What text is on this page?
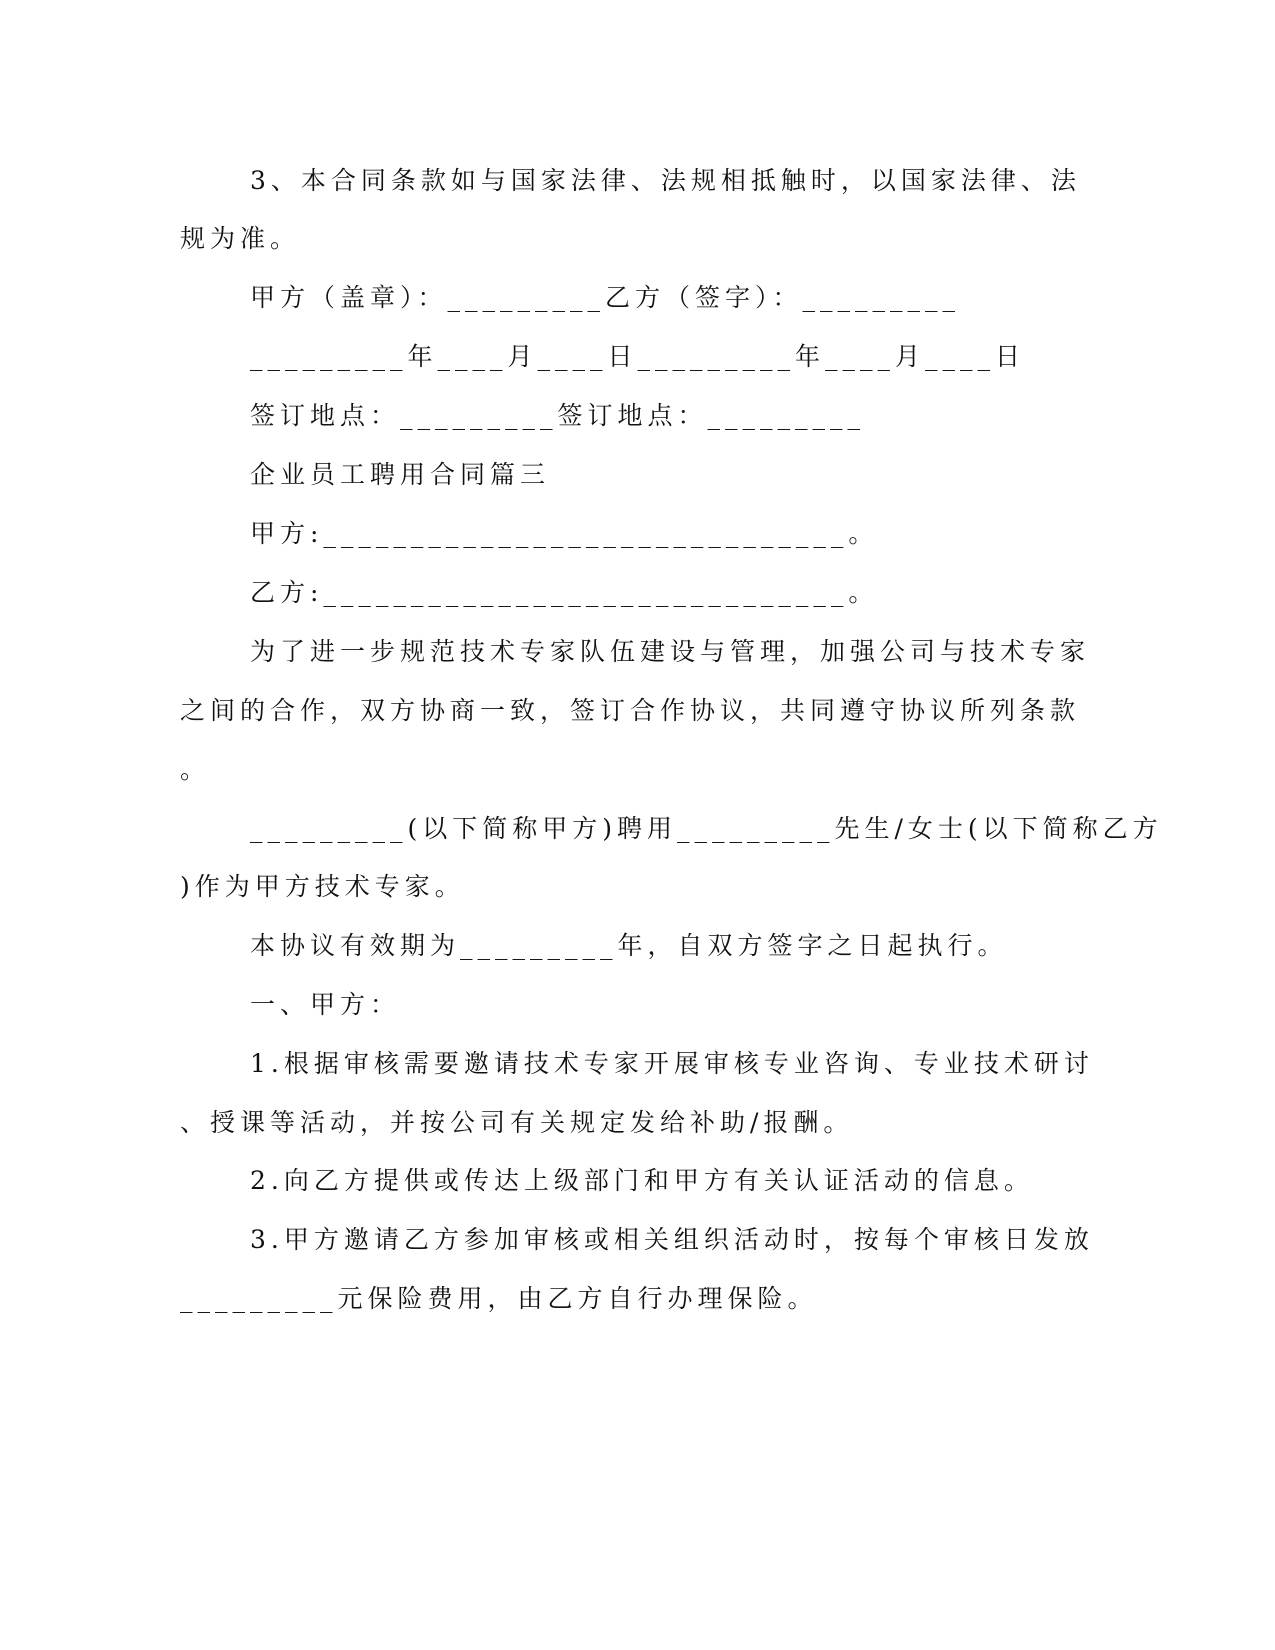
3、本合同条款如与国家法律、法规相抵触时，以国家法律、法
规为准。
甲方（盖章）：_________乙方（签字）：_________
_________年____月____日_________年____月____日
签订地点：_________签订地点：_________
企业员工聘用合同篇三
甲方:______________________________。
乙方:______________________________。
为了进一步规范技术专家队伍建设与管理，加强公司与技术专家
之间的合作，双方协商一致，签订合作协议，共同遵守协议所列条款
。
_________(以下简称甲方)聘用_________先生/女士(以下简称乙方
)作为甲方技术专家。
本协议有效期为_________年，自双方签字之日起执行。
一、甲方：
1.根据审核需要邀请技术专家开展审核专业咨询、专业技术研讨
、授课等活动，并按公司有关规定发给补助/报酬。
2.向乙方提供或传达上级部门和甲方有关认证活动的信息。
3.甲方邀请乙方参加审核或相关组织活动时，按每个审核日发放
_________元保险费用，由乙方自行办理保险。
